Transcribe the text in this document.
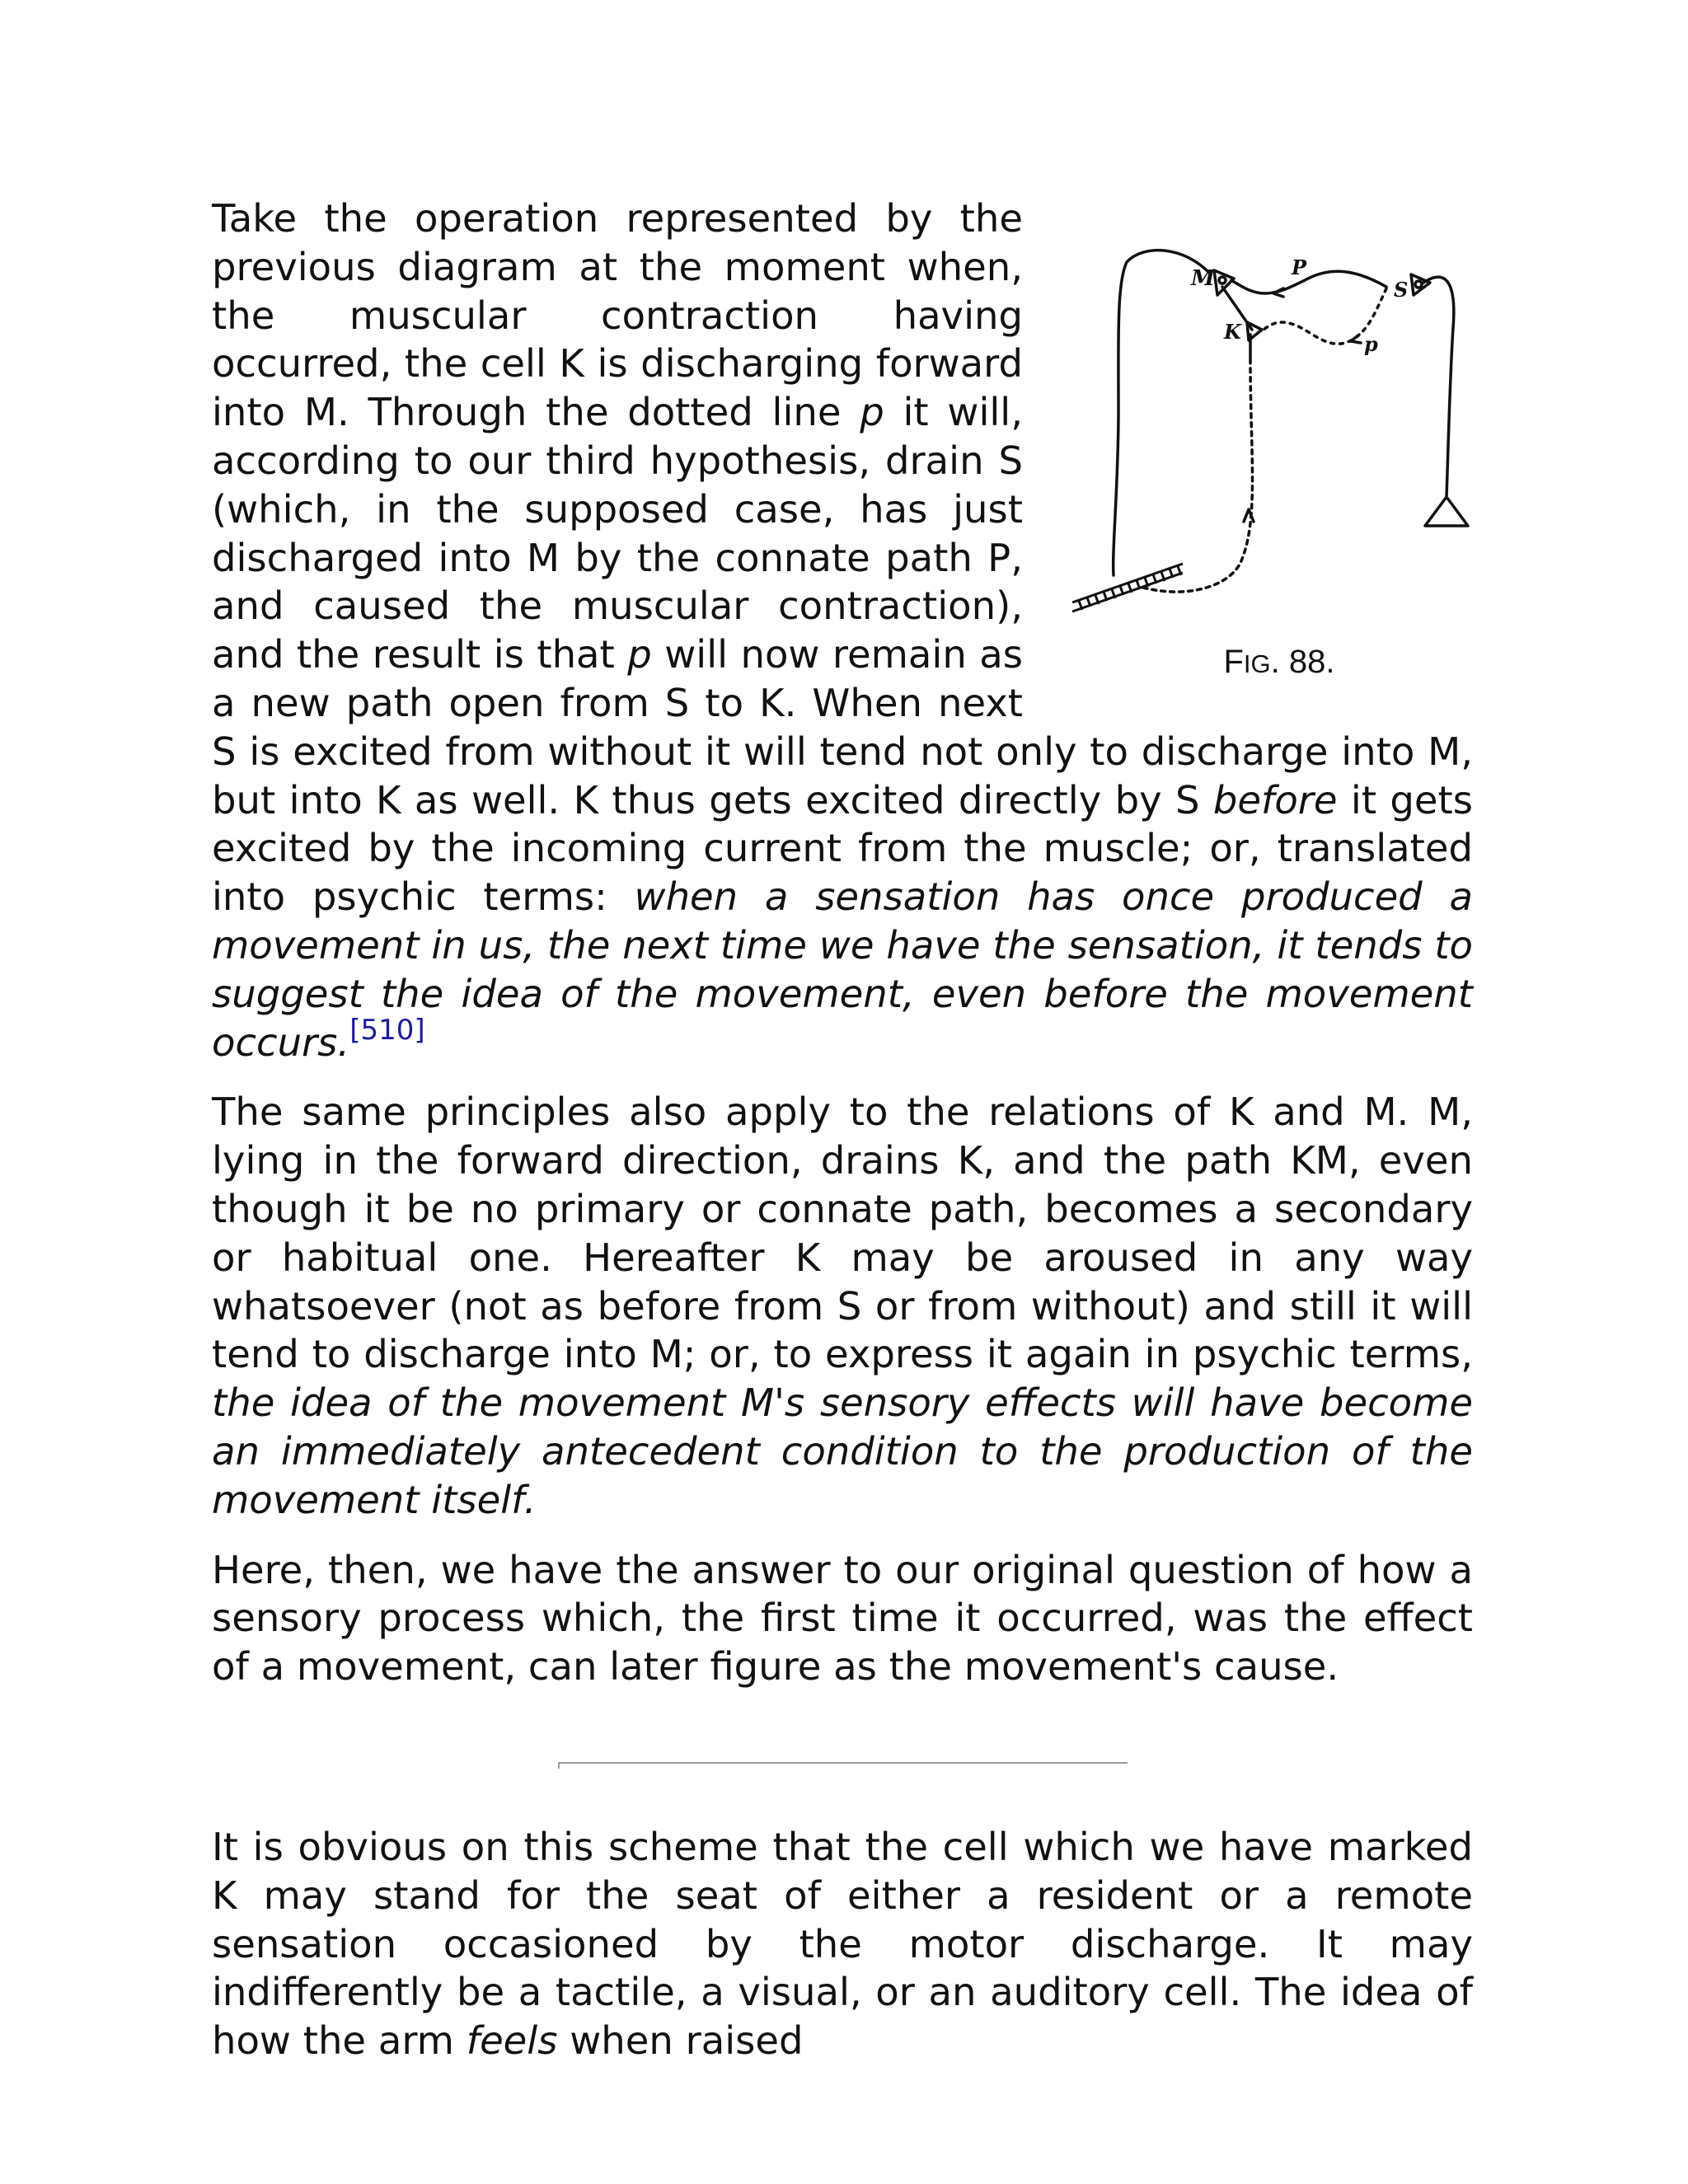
M	P
S
K
p
FIG. 88.
Take the operation represented by the previous diagram at the moment when, the muscular contraction having occurred, the cell K is discharging forward into M. Through the dotted line p it will, according to our third hypothesis, drain S (which, in the supposed case, has just discharged into M by the connate path P, and caused the muscular contraction), and the result is that p will now remain as a new path open from S to K. When next S is excited from without it will tend not only to discharge into M, but into K as well. K thus gets excited directly by S before it gets excited by the incoming current from the muscle; or, translated into psychic terms: when a sensation has once produced a movement in us, the next time we have the sensation, it tends to suggest the idea of the movement, even before the movement occurs.[510]

The same principles also apply to the relations of K and M. M, lying in the forward direction, drains K, and the path KM, even though it be no primary or connate path, becomes a secondary or habitual one. Hereafter K may be aroused in any way whatsoever (not as before from S or from without) and still it will tend to discharge into M; or, to express it again in psychic terms, the idea of the movement M's sensory effects will have become an immediately antecedent condition to the production of the movement itself.

Here, then, we have the answer to our original question of how a sensory process which, the first time it occurred, was the effect of a movement, can later figure as the movement's cause.

It is obvious on this scheme that the cell which we have marked K may stand for the seat of either a resident or a remote sensation occasioned by the motor discharge. It may indifferently be a tactile, a visual, or an auditory cell. The idea of how the arm feels when raised
